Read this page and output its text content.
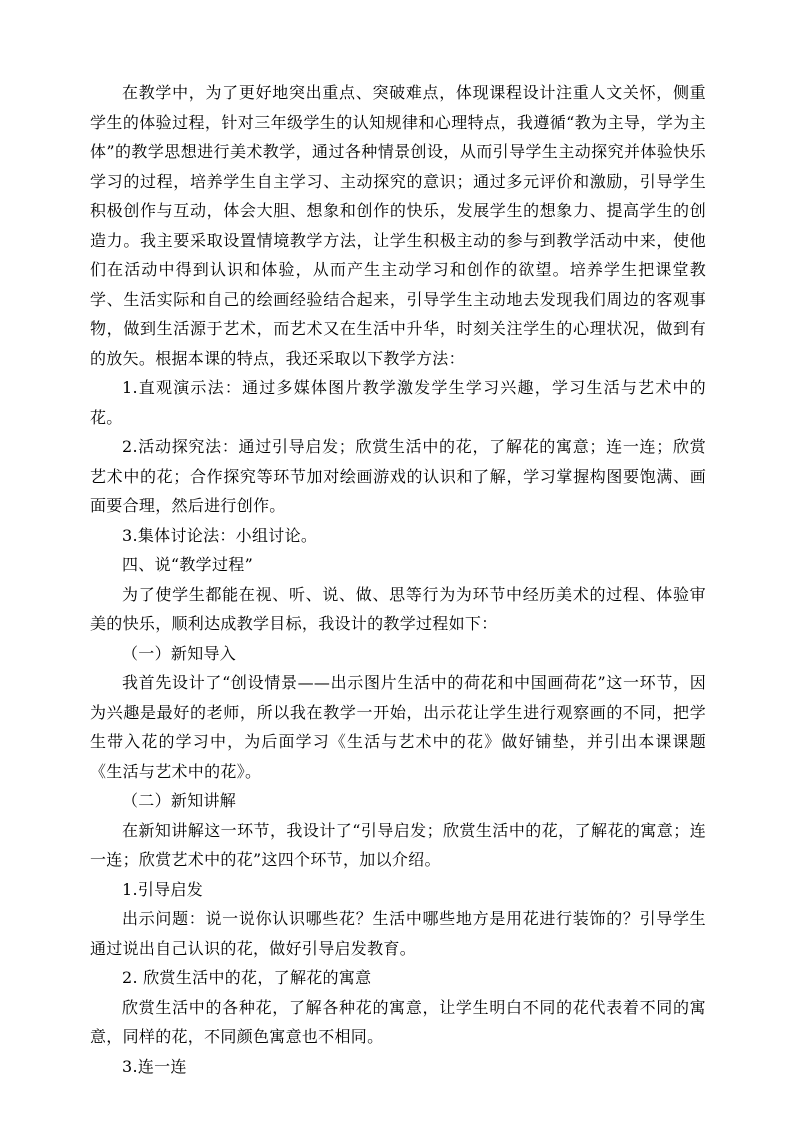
在教学中，为了更好地突出重点、突破难点，体现课程设计注重人文关怀，侧重学生的体验过程，针对三年级学生的认知规律和心理特点，我遵循“教为主导，学为主体”的教学思想进行美术教学，通过各种情景创设，从而引导学生主动探究并体验快乐学习的过程，培养学生自主学习、主动探究的意识；通过多元评价和激励，引导学生积极创作与互动，体会大胆、想象和创作的快乐，发展学生的想象力、提高学生的创造力。我主要采取设置情境教学方法，让学生积极主动的参与到教学活动中来，使他们在活动中得到认识和体验，从而产生主动学习和创作的欲望。培养学生把课堂教学、生活实际和自己的绘画经验结合起来，引导学生主动地去发现我们周边的客观事物，做到生活源于艺术，而艺术又在生活中升华，时刻关注学生的心理状况，做到有的放矢。根据本课的特点，我还采取以下教学方法：

1.直观演示法：通过多媒体图片教学激发学生学习兴趣，学习生活与艺术中的花。

2.活动探究法：通过引导启发；欣赏生活中的花，了解花的寓意；连一连；欣赏艺术中的花；合作探究等环节加对绘画游戏的认识和了解，学习掌握构图要饱满、画面要合理，然后进行创作。

3.集体讨论法：小组讨论。

四、说“教学过程”

为了使学生都能在视、听、说、做、思等行为为环节中经历美术的过程、体验审美的快乐，顺利达成教学目标，我设计的教学过程如下：

（一）新知导入

我首先设计了“创设情景——出示图片生活中的荷花和中国画荷花”这一环节，因为兴趣是最好的老师，所以我在教学一开始，出示花让学生进行观察画的不同，把学生带入花的学习中，为后面学习《生活与艺术中的花》做好铺垫，并引出本课课题《生活与艺术中的花》。

（二）新知讲解

在新知讲解这一环节，我设计了“引导启发；欣赏生活中的花，了解花的寓意；连一连；欣赏艺术中的花”这四个环节，加以介绍。

1.引导启发

出示问题：说一说你认识哪些花？生活中哪些地方是用花进行装饰的？引导学生通过说出自己认识的花，做好引导启发教育。

2. 欣赏生活中的花，了解花的寓意

欣赏生活中的各种花，了解各种花的寓意，让学生明白不同的花代表着不同的寓意，同样的花，不同颜色寓意也不相同。

3.连一连
